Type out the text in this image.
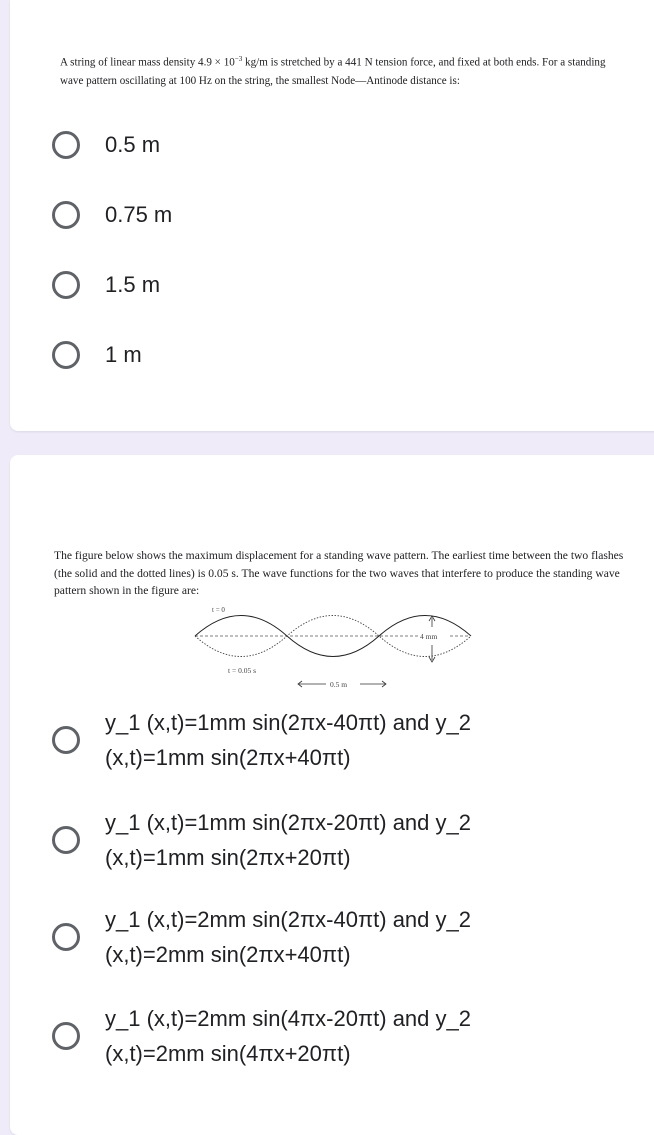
A string of linear mass density $4.9 \times 10^{-3}$ kg/m is stretched by a 441 N tension force, and fixed at both ends. For a standing wave pattern oscillating at 100 Hz on the string, the smallest Node—Antinode distance is:
0.5 m
0.75 m
1.5 m
1 m
The figure below shows the maximum displacement for a standing wave pattern. The earliest time between the two flashes (the solid and the dotted lines) is 0.05 s. The wave functions for the two waves that interfere to produce the standing wave pattern shown in the figure are:
t = 0
t = 0.05 s
4 mm
0.5 m
y_1 (x,t)=1mm sin(2πx-40πt) and y_2 (x,t)=1mm sin(2πx+40πt)
y_1 (x,t)=1mm sin(2πx-20πt) and y_2 (x,t)=1mm sin(2πx+20πt)
y_1 (x,t)=2mm sin(2πx-40πt) and y_2 (x,t)=2mm sin(2πx+40πt)
y_1 (x,t)=2mm sin(4πx-20πt) and y_2 (x,t)=2mm sin(4πx+20πt)
